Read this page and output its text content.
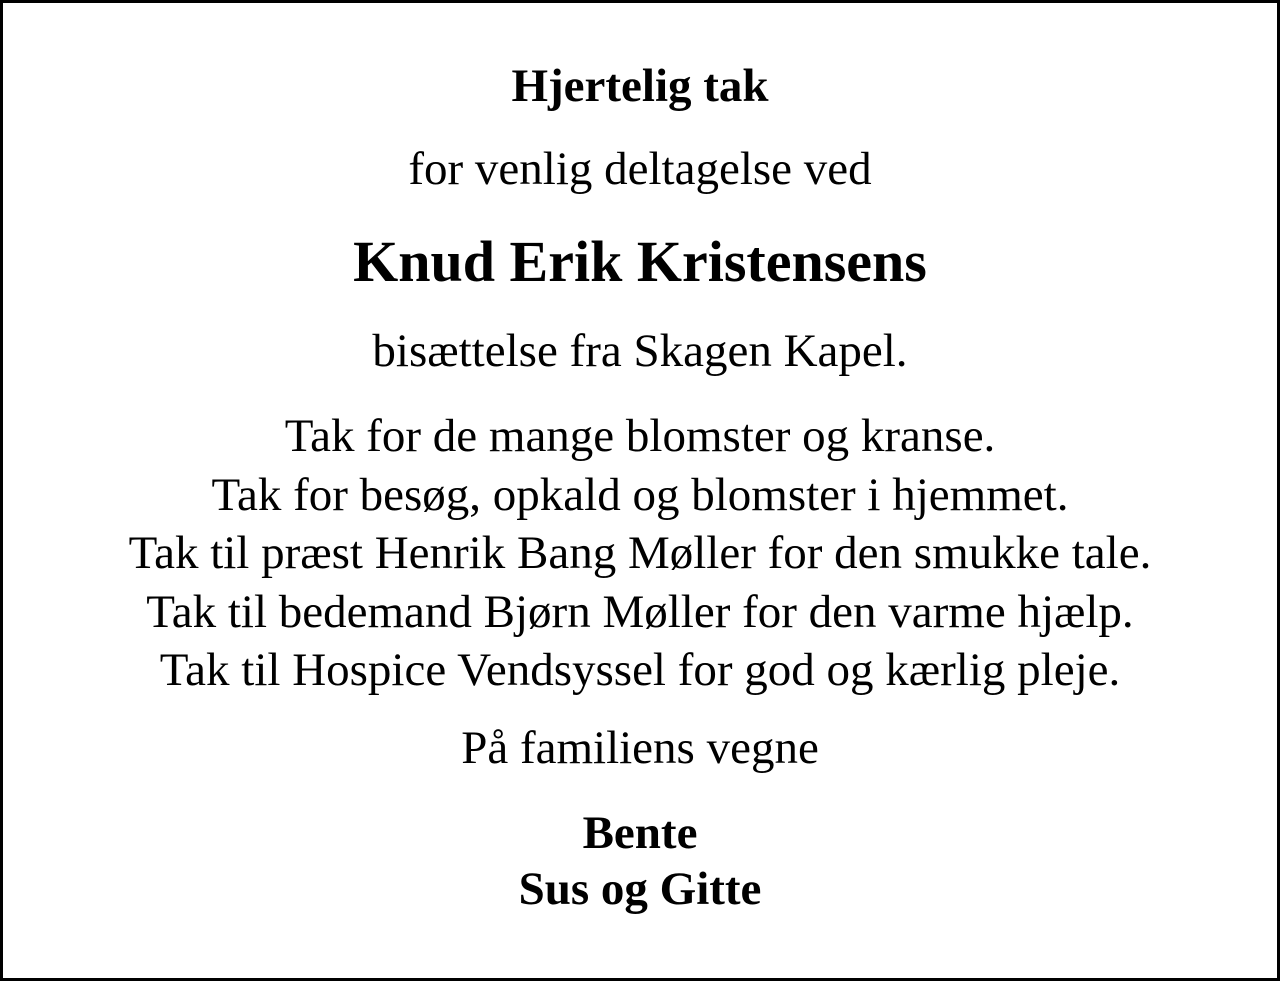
Hjertelig tak
for venlig deltagelse ved
Knud Erik Kristensens
bisættelse fra Skagen Kapel.
Tak for de mange blomster og kranse.
Tak for besøg, opkald og blomster i hjemmet.
Tak til præst Henrik Bang Møller for den smukke tale.
Tak til bedemand Bjørn Møller for den varme hjælp.
Tak til Hospice Vendsyssel for god og kærlig pleje.
På familiens vegne
Bente
Sus og Gitte
